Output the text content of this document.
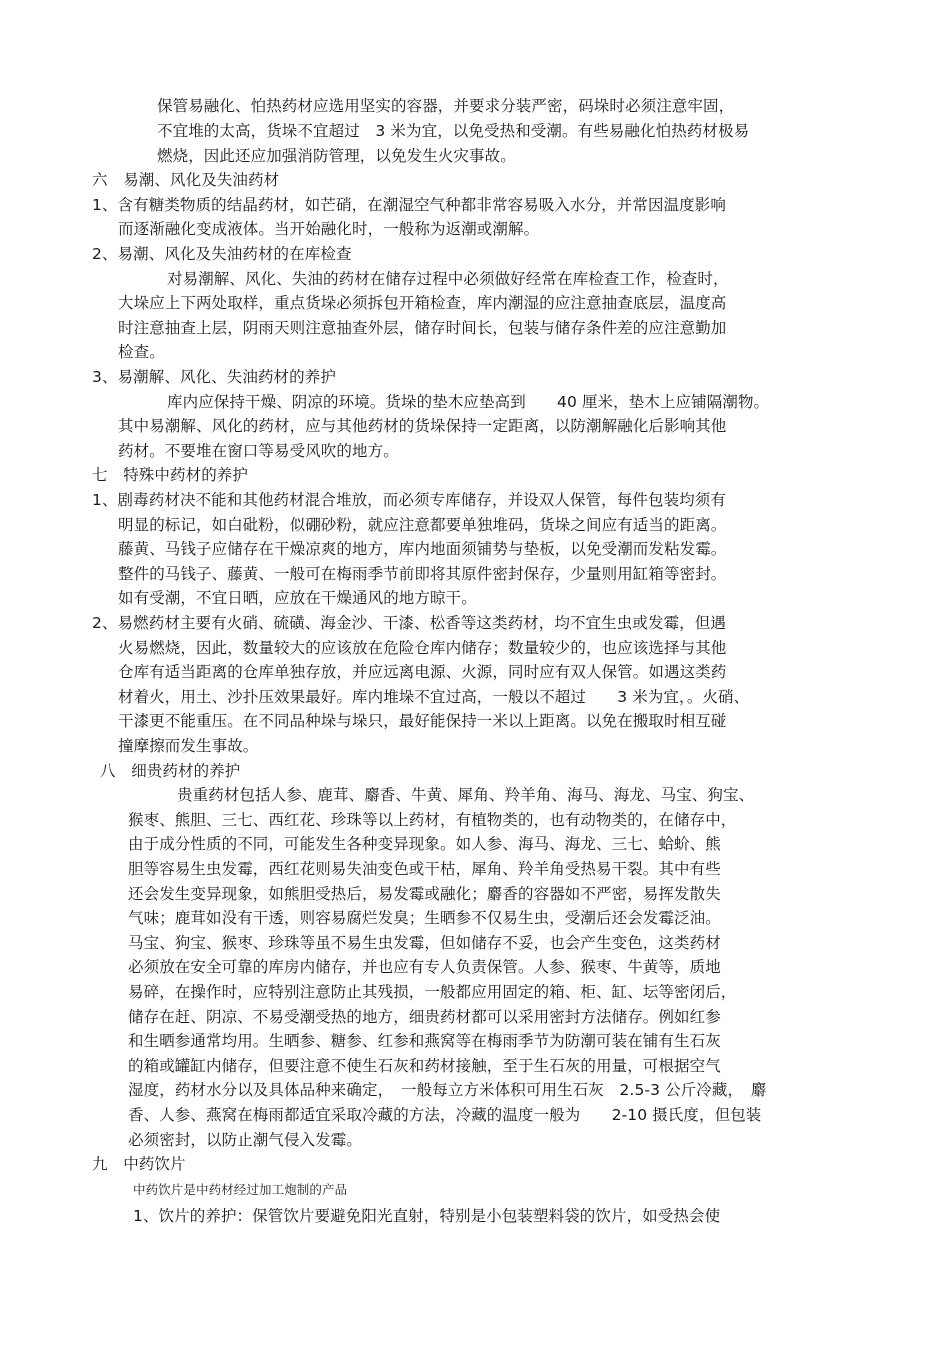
保管易融化、怕热药材应选用坚实的容器，并要求分装严密，码垛时必须注意牢固，
不宜堆的太高，货垛不宜超过　3 米为宜，以免受热和受潮。有些易融化怕热药材极易
燃烧，因此还应加强消防管理，以免发生火灾事故。
六　易潮、风化及失油药材
1、含有糖类物质的结晶药材，如芒硝，在潮湿空气种都非常容易吸入水分，并常因温度影响
而逐渐融化变成液体。当开始融化时，一般称为返潮或潮解。
2、易潮、风化及失油药材的在库检查
对易潮解、风化、失油的药材在储存过程中必须做好经常在库检查工作，检查时，
大垛应上下两处取样，重点货垛必须拆包开箱检查，库内潮湿的应注意抽查底层，温度高
时注意抽查上层，阴雨天则注意抽查外层，储存时间长，包装与储存条件差的应注意勤加
检查。
3、易潮解、风化、失油药材的养护
库内应保持干燥、阴凉的环境。货垛的垫木应垫高到　　40 厘米，垫木上应铺隔潮物。
其中易潮解、风化的药材，应与其他药材的货垛保持一定距离，以防潮解融化后影响其他
药材。不要堆在窗口等易受风吹的地方。
七　特殊中药材的养护
1、剧毒药材决不能和其他药材混合堆放，而必须专库储存，并设双人保管，每件包装均须有
明显的标记，如白砒粉，似硼砂粉，就应注意都要单独堆码，货垛之间应有适当的距离。
藤黄、马钱子应储存在干燥凉爽的地方，库内地面须铺势与垫板，以免受潮而发粘发霉。
整件的马钱子、藤黄、一般可在梅雨季节前即将其原件密封保存，少量则用缸箱等密封。
如有受潮，不宜日晒，应放在干燥通风的地方晾干。
2、易燃药材主要有火硝、硫磺、海金沙、干漆、松香等这类药材，均不宜生虫或发霉，但遇
火易燃烧，因此，数量较大的应该放在危险仓库内储存；数量较少的，也应该选择与其他
仓库有适当距离的仓库单独存放，并应远离电源、火源，同时应有双人保管。如遇这类药
材着火，用土、沙扑压效果最好。库内堆垛不宜过高，一般以不超过　　3 米为宜，。火硝、
干漆更不能重压。在不同品种垛与垛只，最好能保持一米以上距离。以免在搬取时相互碰
撞摩擦而发生事故。
八　细贵药材的养护
贵重药材包括人参、鹿茸、麝香、牛黄、犀角、羚羊角、海马、海龙、马宝、狗宝、
猴枣、熊胆、三七、西红花、珍珠等以上药材，有植物类的，也有动物类的，在储存中，
由于成分性质的不同，可能发生各种变异现象。如人参、海马、海龙、三七、蛤蚧、熊
胆等容易生虫发霉，西红花则易失油变色或干枯，犀角、羚羊角受热易干裂。其中有些
还会发生变异现象，如熊胆受热后，易发霉或融化；麝香的容器如不严密，易挥发散失
气味；鹿茸如没有干透，则容易腐烂发臭；生晒参不仅易生虫，受潮后还会发霉泛油。
马宝、狗宝、猴枣、珍珠等虽不易生虫发霉，但如储存不妥，也会产生变色，这类药材
必须放在安全可靠的库房内储存，并也应有专人负责保管。人参、猴枣、牛黄等，质地
易碎，在操作时，应特别注意防止其残损，一般都应用固定的箱、柜、缸、坛等密闭后，
储存在赶、阴凉、不易受潮受热的地方，细贵药材都可以采用密封方法储存。例如红参
和生晒参通常均用。生晒参、糖参、红参和燕窝等在梅雨季节为防潮可装在铺有生石灰
的箱或罐缸内储存，但要注意不使生石灰和药材接触，至于生石灰的用量，可根据空气
湿度，药材水分以及具体品种来确定，　一般每立方米体积可用生石灰　2.5-3 公斤冷藏，　麝
香、人参、燕窝在梅雨都适宜采取冷藏的方法，冷藏的温度一般为　　2-10 摄氏度，但包装
必须密封，以防止潮气侵入发霉。
九　中药饮片
中药饮片是中药材经过加工炮制的产品
1、饮片的养护：保管饮片要避免阳光直射，特别是小包装塑料袋的饮片，如受热会使
